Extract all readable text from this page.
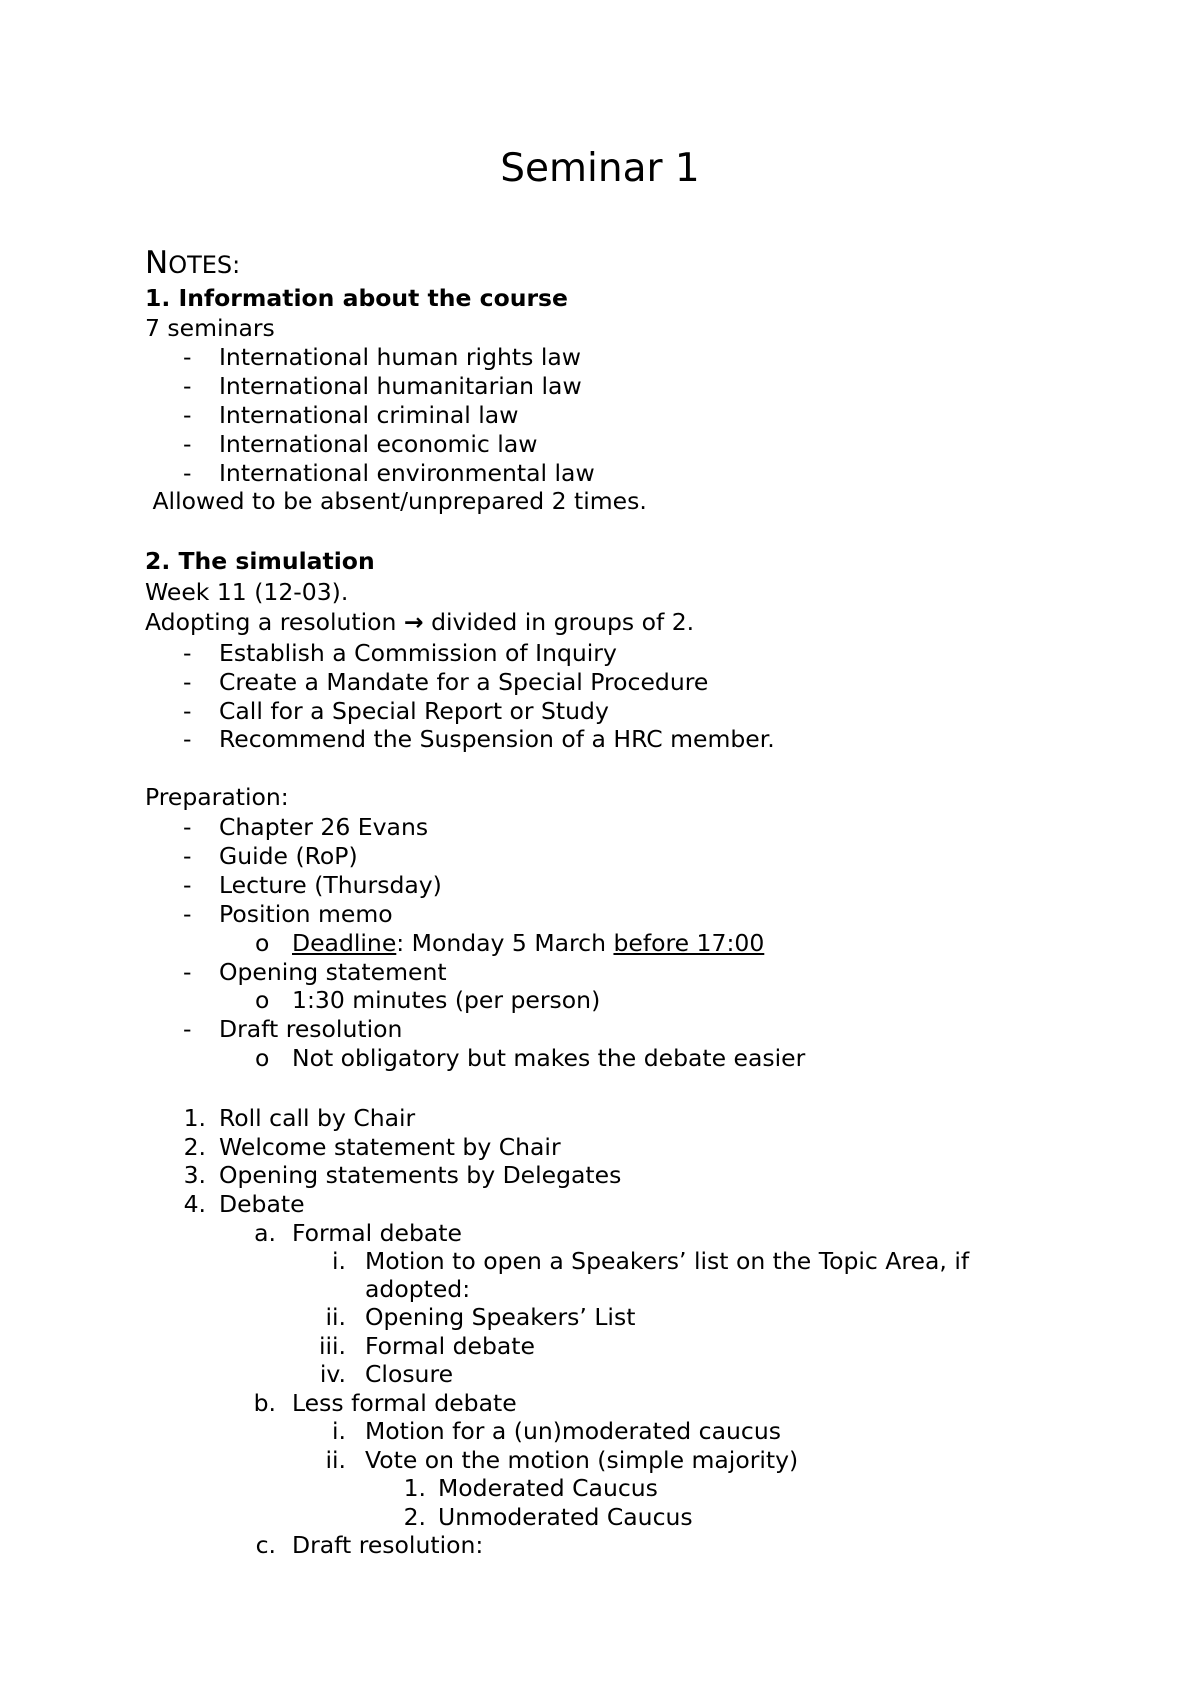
Seminar 1
NOTES:
1. Information about the course
7 seminars
- International human rights law
- International humanitarian law
- International criminal law
- International economic law
- International environmental law
Allowed to be absent/unprepared 2 times.
2. The simulation
Week 11 (12-03).
Adopting a resolution → divided in groups of 2.
- Establish a Commission of Inquiry
- Create a Mandate for a Special Procedure
- Call for a Special Report or Study
- Recommend the Suspension of a HRC member.
Preparation:
- Chapter 26 Evans
- Guide (RoP)
- Lecture (Thursday)
- Position memo
o Deadline: Monday 5 March before 17:00
- Opening statement
o 1:30 minutes (per person)
- Draft resolution
o Not obligatory but makes the debate easier
1. Roll call by Chair
2. Welcome statement by Chair
3. Opening statements by Delegates
4. Debate
a. Formal debate
i. Motion to open a Speakers’ list on the Topic Area, if
adopted:
ii. Opening Speakers’ List
iii. Formal debate
iv. Closure
b. Less formal debate
i. Motion for a (un)moderated caucus
ii. Vote on the motion (simple majority)
1. Moderated Caucus
2. Unmoderated Caucus
c. Draft resolution:
